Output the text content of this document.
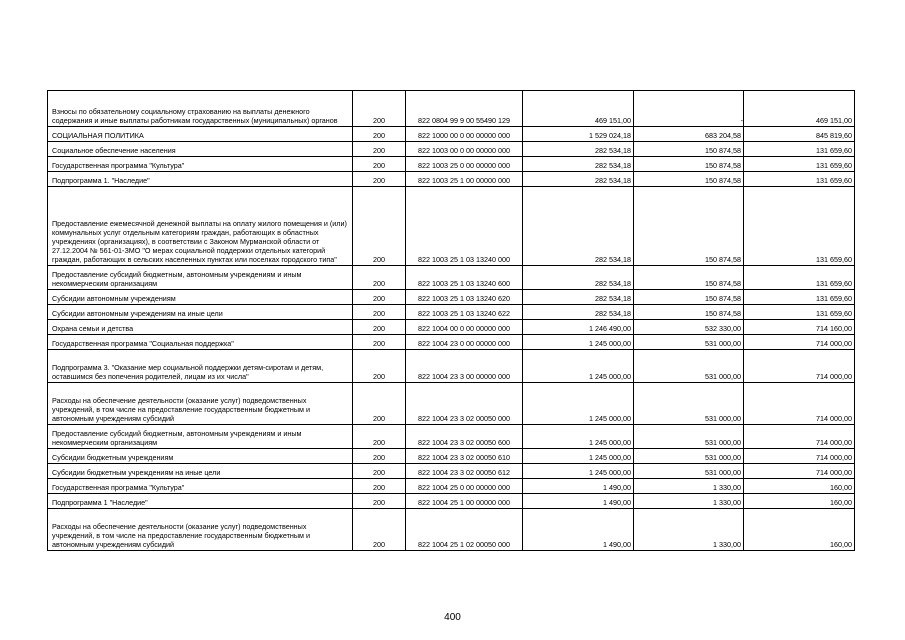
Взносы по обязательному социальному страхованию на выплаты денежного содержания и иные выплаты работникам государственных (муниципальных) органов	200	822 0804 99 9 00 55490 129	469 151,00	-	469 151,00
СОЦИАЛЬНАЯ ПОЛИТИКА	200	822 1000 00 0 00 00000 000	1 529 024,18	683 204,58	845 819,60
Социальное обеспечение населения	200	822 1003 00 0 00 00000 000	282 534,18	150 874,58	131 659,60
Государственная программа "Культура"	200	822 1003 25 0 00 00000 000	282 534,18	150 874,58	131 659,60
Подпрограмма 1. "Наследие"	200	822 1003 25 1 00 00000 000	282 534,18	150 874,58	131 659,60
Предоставление ежемесячной денежной выплаты на оплату жилого помещения и (или) коммунальных услуг отдельным категориям граждан, работающих в областных учреждениях (организациях), в соответствии с Законом Мурманской области от 27.12.2004 № 561-01-ЗМО "О мерах социальной поддержки отдельных категорий граждан, работающих в сельских населенных пунктах или поселках городского типа"	200	822 1003 25 1 03 13240 000	282 534,18	150 874,58	131 659,60
Предоставление субсидий бюджетным, автономным учреждениям и иным некоммерческим организациям	200	822 1003 25 1 03 13240 600	282 534,18	150 874,58	131 659,60
Субсидии автономным учреждениям	200	822 1003 25 1 03 13240 620	282 534,18	150 874,58	131 659,60
Субсидии автономным учреждениям на иные цели	200	822 1003 25 1 03 13240 622	282 534,18	150 874,58	131 659,60
Охрана семьи и детства	200	822 1004 00 0 00 00000 000	1 246 490,00	532 330,00	714 160,00
Государственная программа "Социальная поддержка"	200	822 1004 23 0 00 00000 000	1 245 000,00	531 000,00	714 000,00
Подпрограмма 3. "Оказание мер социальной поддержки детям-сиротам и детям, оставшимся без попечения родителей, лицам из их числа"	200	822 1004 23 3 00 00000 000	1 245 000,00	531 000,00	714 000,00
Расходы на обеспечение деятельности (оказание услуг) подведомственных учреждений, в том числе на предоставление государственным бюджетным и автономным учреждениям субсидий	200	822 1004 23 3 02 00050 000	1 245 000,00	531 000,00	714 000,00
Предоставление субсидий бюджетным, автономным учреждениям и иным некоммерческим организациям	200	822 1004 23 3 02 00050 600	1 245 000,00	531 000,00	714 000,00
Субсидии бюджетным учреждениям	200	822 1004 23 3 02 00050 610	1 245 000,00	531 000,00	714 000,00
Субсидии бюджетным учреждениям на иные цели	200	822 1004 23 3 02 00050 612	1 245 000,00	531 000,00	714 000,00
Государственная программа "Культура"	200	822 1004 25 0 00 00000 000	1 490,00	1 330,00	160,00
Подпрограмма 1 "Наследие"	200	822 1004 25 1 00 00000 000	1 490,00	1 330,00	160,00
Расходы на обеспечение деятельности (оказание услуг) подведомственных учреждений, в том числе на предоставление государственным бюджетным и автономным учреждениям субсидий	200	822 1004 25 1 02 00050 000	1 490,00	1 330,00	160,00
400
